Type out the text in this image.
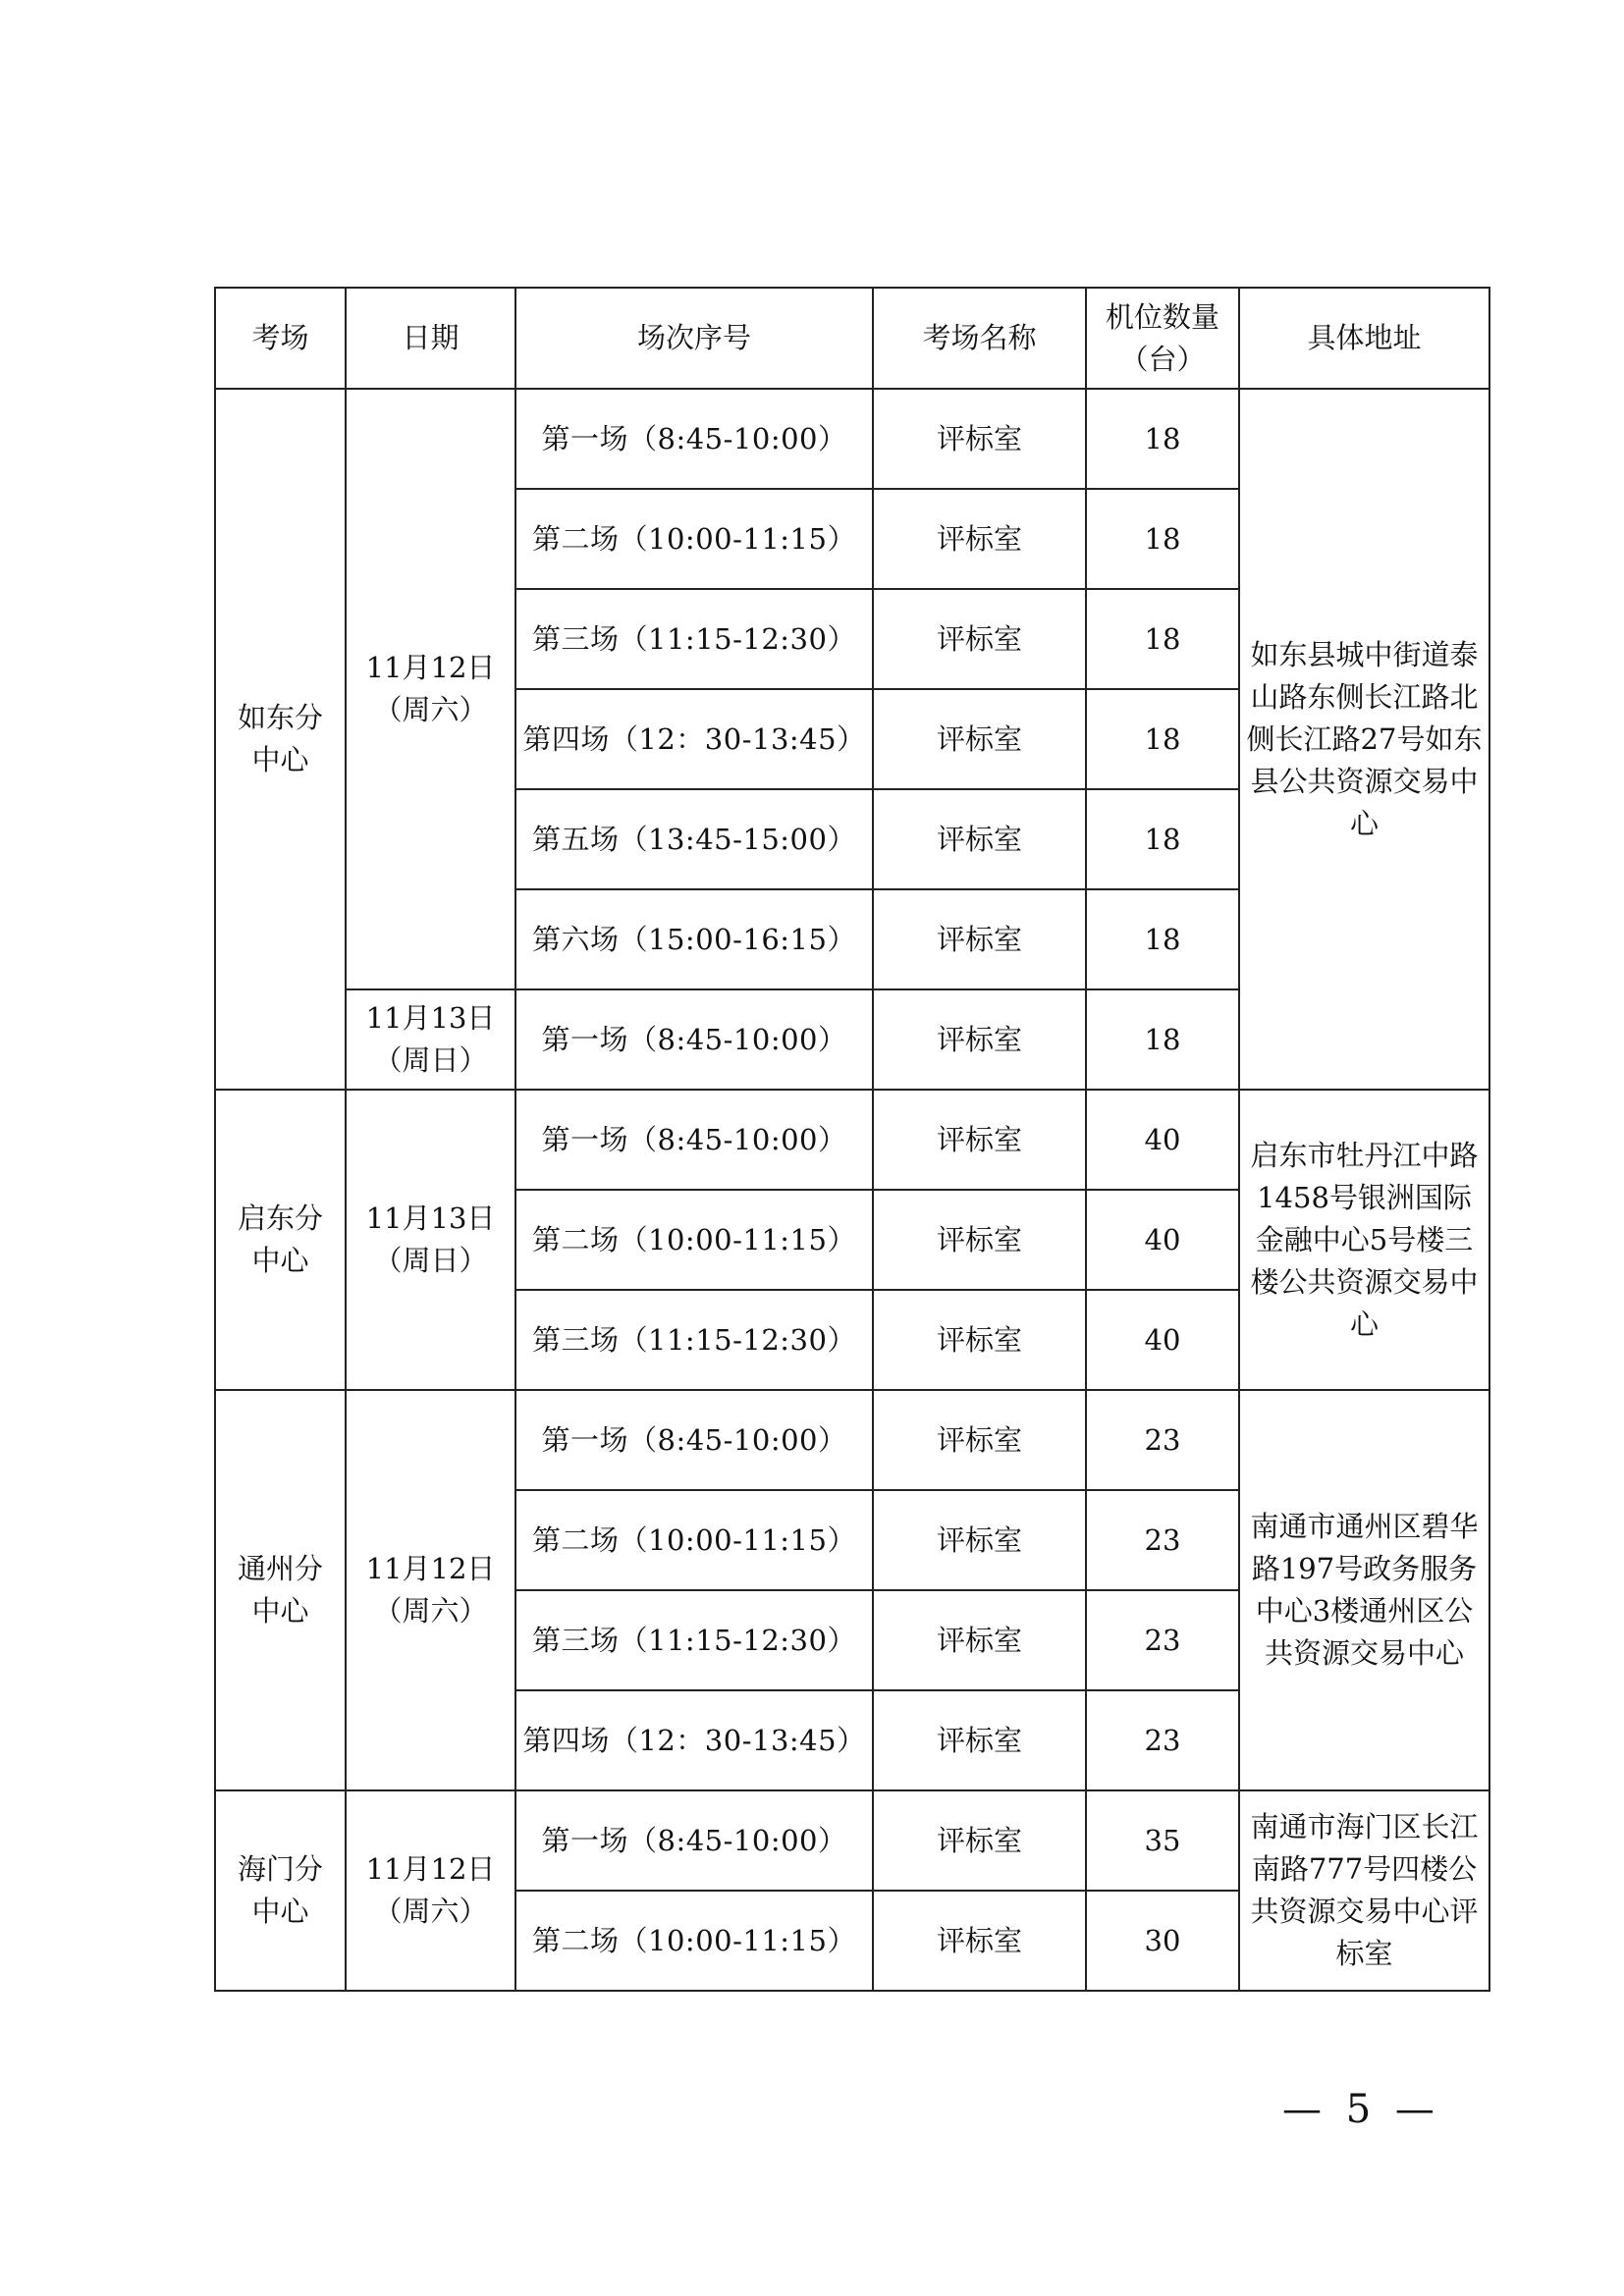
考场	日期	场次序号	考场名称	机位数量（台）	具体地址
如东分中心	11月12日（周六）	第一场（8:45-10:00）	评标室	18	如东县城中街道泰山路东侧长江路北侧长江路27号如东县公共资源交易中心
		第二场（10:00-11:15）	评标室	18	
		第三场（11:15-12:30）	评标室	18	
		第四场（12：30-13:45）	评标室	18	
		第五场（13:45-15:00）	评标室	18	
		第六场（15:00-16:15）	评标室	18	
	11月13日（周日）	第一场（8:45-10:00）	评标室	18	
启东分中心	11月13日（周日）	第一场（8:45-10:00）	评标室	40	启东市牡丹江中路1458号银洲国际金融中心5号楼三楼公共资源交易中心
		第二场（10:00-11:15）	评标室	40	
		第三场（11:15-12:30）	评标室	40	
通州分中心	11月12日（周六）	第一场（8:45-10:00）	评标室	23	南通市通州区碧华路197号政务服务中心3楼通州区公共资源交易中心
		第二场（10:00-11:15）	评标室	23	
		第三场（11:15-12:30）	评标室	23	
		第四场（12：30-13:45）	评标室	23	
海门分中心	11月12日（周六）	第一场（8:45-10:00）	评标室	35	南通市海门区长江南路777号四楼公共资源交易中心评标室
		第二场（10:00-11:15）	评标室	30	
— 5 —
